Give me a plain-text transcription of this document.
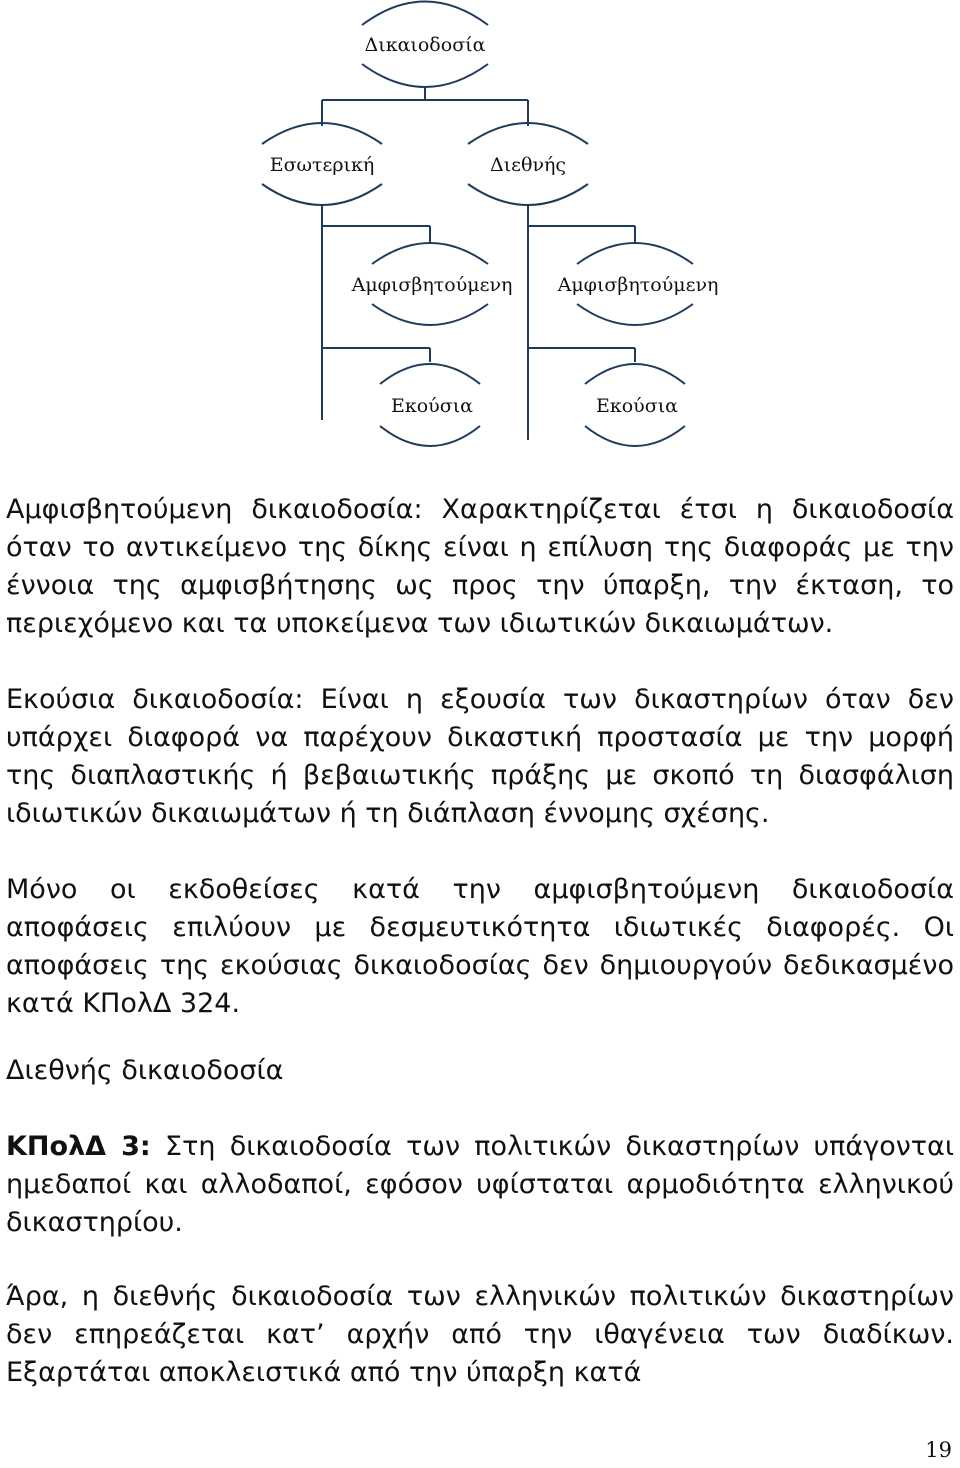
Δικαιοδοσία
Εσωτερική	Διεθνής
Αμφισβητούμενη Αμφισβητούμενη
Εκούσια	Εκούσια

Αμφισβητούμενη δικαιοδοσία: Χαρακτηρίζεται έτσι η δικαιοδοσία όταν το αντικείμενο της δίκης είναι η επίλυση της διαφοράς με την έννοια της αμφισβήτησης ως προς την ύπαρξη, την έκταση, το περιεχόμενο και τα υποκείμενα των ιδιωτικών δικαιωμάτων.

Εκούσια δικαιοδοσία: Είναι η εξουσία των δικαστηρίων όταν δεν υπάρχει διαφορά να παρέχουν δικαστική προστασία με την μορφή της διαπλαστικής ή βεβαιωτικής πράξης με σκοπό τη διασφάλιση ιδιωτικών δικαιωμάτων ή τη διάπλαση έννομης σχέσης.

Μόνο οι εκδοθείσες κατά την αμφισβητούμενη δικαιοδοσία αποφάσεις επιλύουν με δεσμευτικότητα ιδιωτικές διαφορές. Οι αποφάσεις της εκούσιας δικαιοδοσίας δεν δημιουργούν δεδικασμένο κατά ΚΠολΔ 324.

Διεθνής δικαιοδοσία

ΚΠολΔ 3: Στη δικαιοδοσία των πολιτικών δικαστηρίων υπάγονται ημεδαποί και αλλοδαποί, εφόσον υφίσταται αρμοδιότητα ελληνικού δικαστηρίου.

Άρα, η διεθνής δικαιοδοσία των ελληνικών πολιτικών δικαστηρίων δεν επηρεάζεται κατ’ αρχήν από την ιθαγένεια των διαδίκων. Εξαρτάται αποκλειστικά από την ύπαρξη κατά

19
